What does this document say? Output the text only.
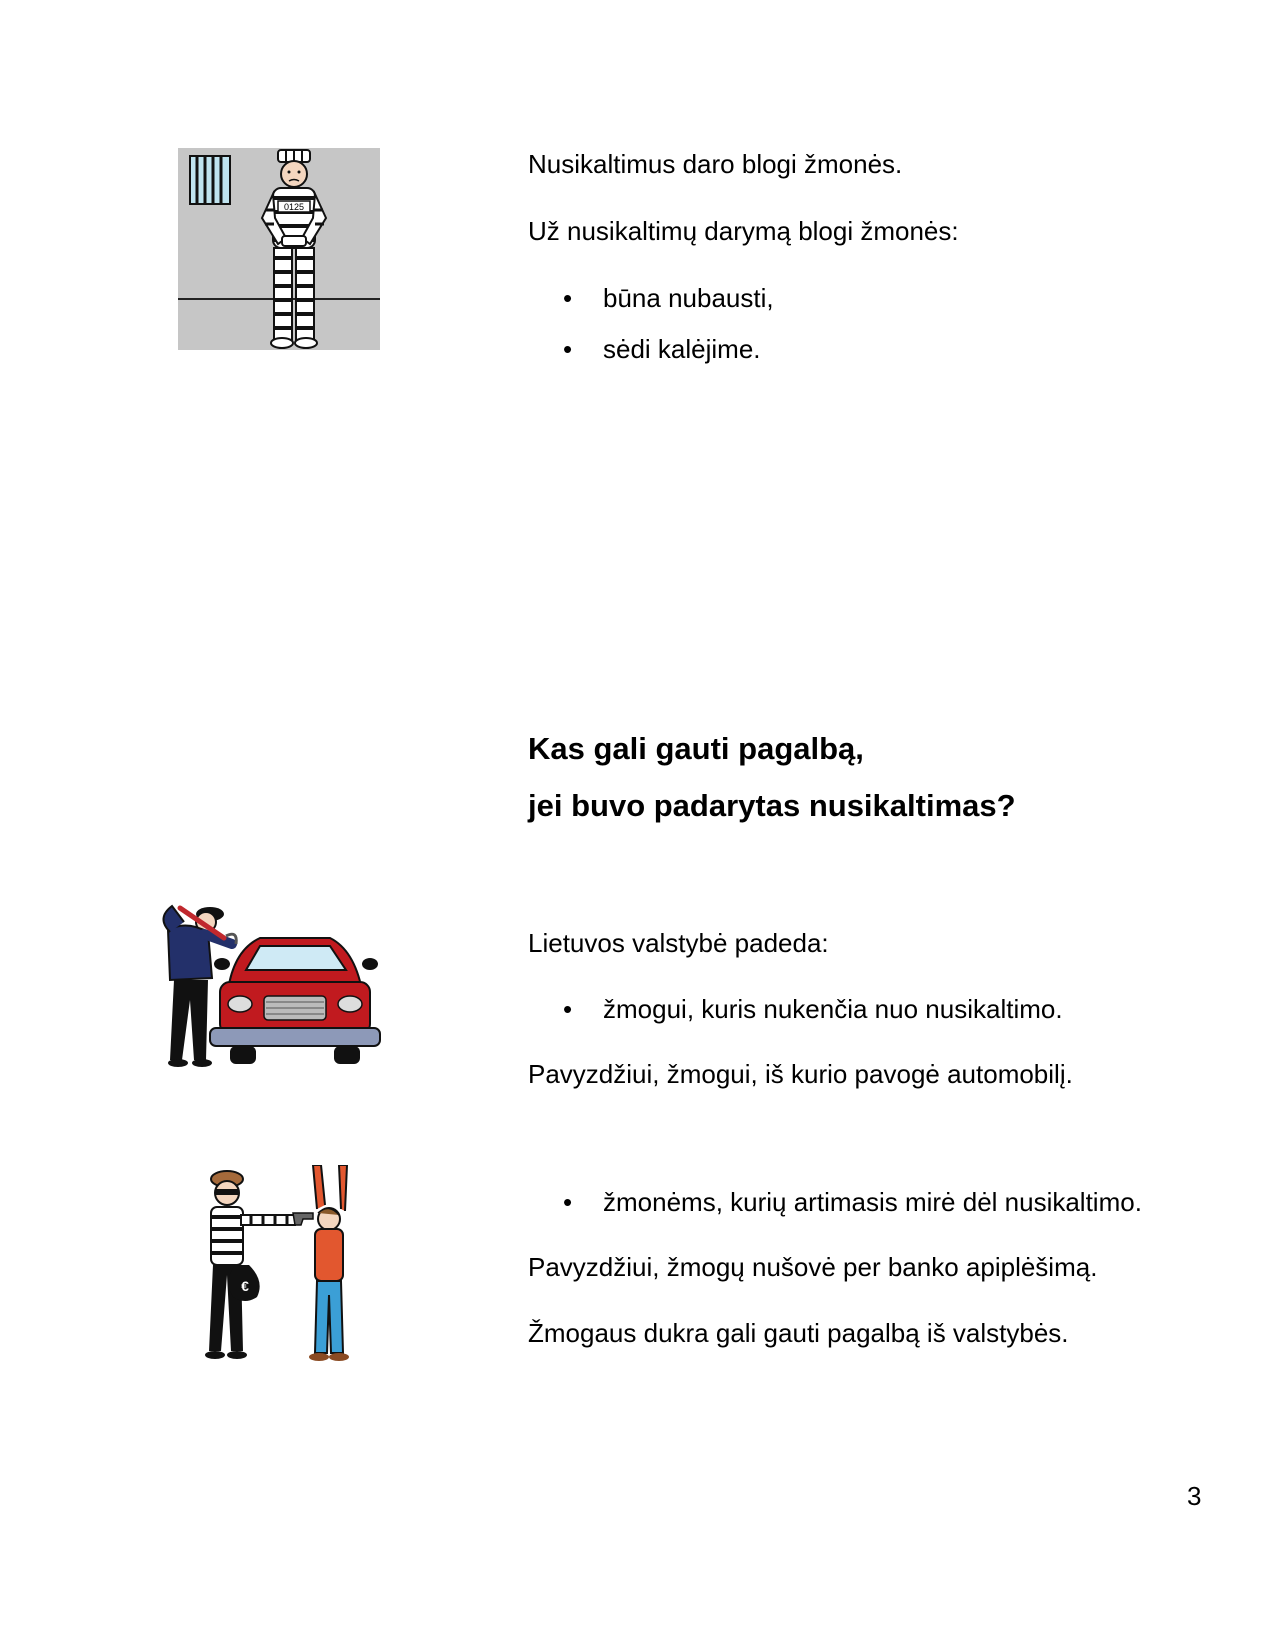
0125
Nusikaltimus daro blogi žmonės.
Už nusikaltimų darymą blogi žmonės:
• būna nubausti,
• sėdi kalėjime.
Kas gali gauti pagalbą,
jei buvo padarytas nusikaltimas?
Lietuvos valstybė padeda:
• žmogui, kuris nukenčia nuo nusikaltimo.
Pavyzdžiui, žmogui, iš kurio pavogė automobilį.
€
• žmonėms, kurių artimasis mirė dėl nusikaltimo.
Pavyzdžiui, žmogų nušovė per banko apiplėšimą.
Žmogaus dukra gali gauti pagalbą iš valstybės.
3
